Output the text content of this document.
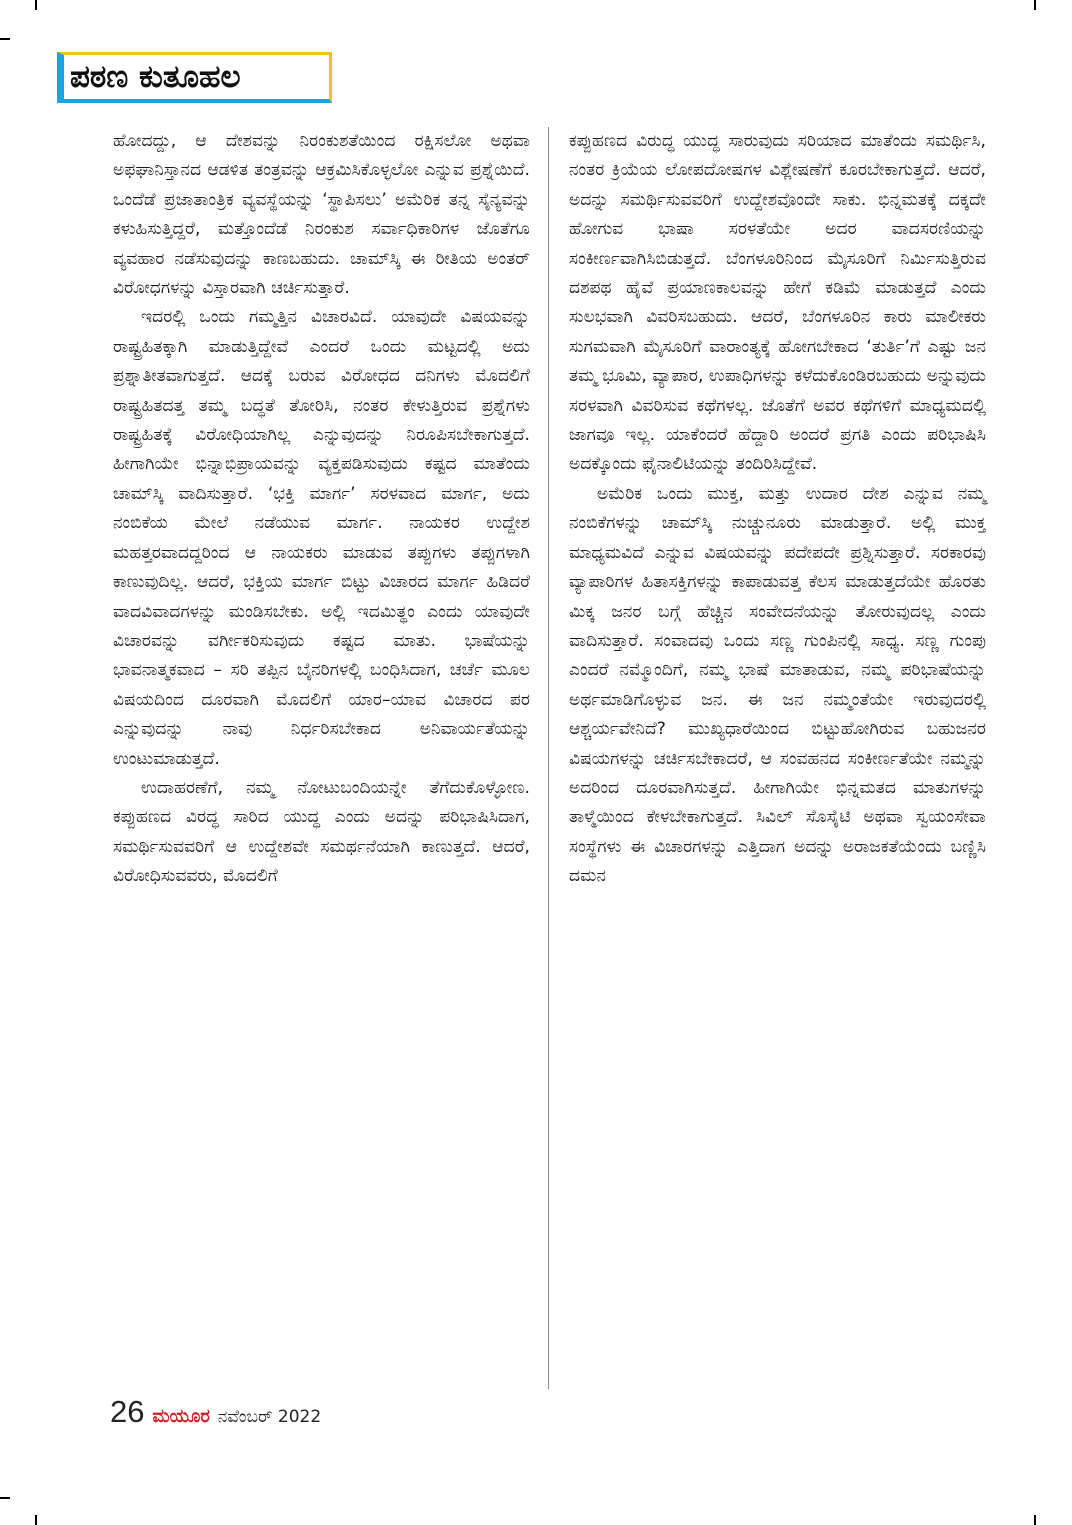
ಪಠಣ ಕುತೂಹಲ

ಹೋದದ್ದು, ಆ ದೇಶವನ್ನು ನಿರಂಕುಶತೆಯಿಂದ ರಕ್ಷಿಸಲೋ ಅಥವಾ ಅಫಘಾನಿಸ್ತಾನದ ಆಡಳಿತ ತಂತ್ರವನ್ನು ಆಕ್ರಮಿಸಿಕೊಳ್ಳಲೋ ಎನ್ನುವ ಪ್ರಶ್ನೆಯಿದೆ. ಒಂದೆಡೆ ಪ್ರಜಾತಾಂತ್ರಿಕ ವ್ಯವಸ್ಥೆಯನ್ನು ‘ಸ್ಥಾಪಿಸಲು’ ಅಮೆರಿಕ ತನ್ನ ಸೈನ್ಯವನ್ನು ಕಳುಹಿಸುತ್ತಿದ್ದರೆ, ಮತ್ತೊಂದೆಡೆ ನಿರಂಕುಶ ಸರ್ವಾಧಿಕಾರಿಗಳ ಜೊತೆಗೂ ವ್ಯವಹಾರ ನಡೆಸುವುದನ್ನು ಕಾಣಬಹುದು. ಚಾಮ್‌ಸ್ಕಿ ಈ ರೀತಿಯ ಅಂತರ್ ವಿರೋಧಗಳನ್ನು ವಿಸ್ತಾರವಾಗಿ ಚರ್ಚಿಸುತ್ತಾರೆ.

ಇದರಲ್ಲಿ ಒಂದು ಗಮ್ಮತ್ತಿನ ವಿಚಾರವಿದೆ. ಯಾವುದೇ ವಿಷಯವನ್ನು ರಾಷ್ಟ್ರಹಿತಕ್ಕಾಗಿ ಮಾಡುತ್ತಿದ್ದೇವೆ ಎಂದರೆ ಒಂದು ಮಟ್ಟದಲ್ಲಿ ಅದು ಪ್ರಶ್ನಾತೀತವಾಗುತ್ತದೆ. ಆದಕ್ಕೆ ಬರುವ ವಿರೋಧದ ದನಿಗಳು ಮೊದಲಿಗೆ ರಾಷ್ಟ್ರಹಿತದತ್ತ ತಮ್ಮ ಬದ್ಧತೆ ತೋರಿಸಿ, ನಂತರ ಕೇಳುತ್ತಿರುವ ಪ್ರಶ್ನೆಗಳು ರಾಷ್ಟ್ರಹಿತಕ್ಕೆ ವಿರೋಧಿಯಾಗಿಲ್ಲ ಎನ್ನುವುದನ್ನು ನಿರೂಪಿಸಬೇಕಾಗುತ್ತದೆ. ಹೀಗಾಗಿಯೇ ಭಿನ್ನಾಭಿಪ್ರಾಯವನ್ನು ವ್ಯಕ್ತಪಡಿಸುವುದು ಕಷ್ಟದ ಮಾತೆಂದು ಚಾಮ್‌ಸ್ಕಿ ವಾದಿಸುತ್ತಾರೆ. ‘ಭಕ್ತಿ ಮಾರ್ಗ’ ಸರಳವಾದ ಮಾರ್ಗ, ಅದು ನಂಬಿಕೆಯ ಮೇಲೆ ನಡೆಯುವ ಮಾರ್ಗ. ನಾಯಕರ ಉದ್ದೇಶ ಮಹತ್ತರವಾದದ್ದರಿಂದ ಆ ನಾಯಕರು ಮಾಡುವ ತಪ್ಪುಗಳು ತಪ್ಪುಗಳಾಗಿ ಕಾಣುವುದಿಲ್ಲ. ಆದರೆ, ಭಕ್ತಿಯ ಮಾರ್ಗ ಬಿಟ್ಟು ವಿಚಾರದ ಮಾರ್ಗ ಹಿಡಿದರೆ ವಾದವಿವಾದಗಳನ್ನು ಮಂಡಿಸಬೇಕು. ಅಲ್ಲಿ ಇದಮಿತ್ಥಂ ಎಂದು ಯಾವುದೇ ವಿಚಾರವನ್ನು ವರ್ಗೀಕರಿಸುವುದು ಕಷ್ಟದ ಮಾತು. ಭಾಷೆಯನ್ನು ಭಾವನಾತ್ಮಕವಾದ – ಸರಿ ತಪ್ಪಿನ ಬೈನರಿಗಳಲ್ಲಿ ಬಂಧಿಸಿದಾಗ, ಚರ್ಚೆ ಮೂಲ ವಿಷಯದಿಂದ ದೂರವಾಗಿ ಮೊದಲಿಗೆ ಯಾರ–ಯಾವ ವಿಚಾರದ ಪರ ಎನ್ನುವುದನ್ನು ನಾವು ನಿರ್ಧರಿಸಬೇಕಾದ ಅನಿವಾರ್ಯತೆಯನ್ನು ಉಂಟುಮಾಡುತ್ತದೆ.

ಉದಾಹರಣೆಗೆ, ನಮ್ಮ ನೋಟುಬಂದಿಯನ್ನೇ ತೆಗೆದುಕೊಳ್ಳೋಣ. ಕಪ್ಪುಹಣದ ವಿರದ್ಧ ಸಾರಿದ ಯುದ್ಧ ಎಂದು ಅದನ್ನು ಪರಿಭಾಷಿಸಿದಾಗ, ಸಮರ್ಥಿಸುವವರಿಗೆ ಆ ಉದ್ದೇಶವೇ ಸಮರ್ಥನೆಯಾಗಿ ಕಾಣುತ್ತದೆ. ಆದರೆ, ವಿರೋಧಿಸುವವರು, ಮೊದಲಿಗೆ

ಕಪ್ಪುಹಣದ ವಿರುದ್ಧ ಯುದ್ಧ ಸಾರುವುದು ಸರಿಯಾದ ಮಾತೆಂದು ಸಮರ್ಥಿಸಿ, ನಂತರ ಕ್ರಿಯೆಯ ಲೋಪದೋಷಗಳ ವಿಶ್ಲೇಷಣೆಗೆ ಕೂರಬೇಕಾಗುತ್ತದೆ. ಆದರೆ, ಅದನ್ನು ಸಮರ್ಥಿಸುವವರಿಗೆ ಉದ್ದೇಶವೊಂದೇ ಸಾಕು. ಭಿನ್ನಮತಕ್ಕೆ ದಕ್ಕದೇ ಹೋಗುವ ಭಾಷಾ ಸರಳತೆಯೇ ಅದರ ವಾದಸರಣಿಯನ್ನು ಸಂಕೀರ್ಣವಾಗಿಸಿಬಿಡುತ್ತದೆ. ಬೆಂಗಳೂರಿನಿಂದ ಮೈಸೂರಿಗೆ ನಿರ್ಮಿಸುತ್ತಿರುವ ದಶಪಥ ಹೈವೆ ಪ್ರಯಾಣಕಾಲವನ್ನು ಹೇಗೆ ಕಡಿಮೆ ಮಾಡುತ್ತದೆ ಎಂದು ಸುಲಭವಾಗಿ ವಿವರಿಸಬಹುದು. ಆದರೆ, ಬೆಂಗಳೂರಿನ ಕಾರು ಮಾಲೀಕರು ಸುಗಮವಾಗಿ ಮೈಸೂರಿಗೆ ವಾರಾಂತ್ಯಕ್ಕೆ ಹೋಗಬೇಕಾದ ‘ತುರ್ತಿ’ಗೆ ಎಷ್ಟು ಜನ ತಮ್ಮ ಭೂಮಿ, ವ್ಯಾಪಾರ, ಉಪಾಧಿಗಳನ್ನು ಕಳೆದುಕೊಂಡಿರಬಹುದು ಅನ್ನುವುದು ಸರಳವಾಗಿ ವಿವರಿಸುವ ಕಥೆಗಳಲ್ಲ. ಜೊತೆಗೆ ಅವರ ಕಥೆಗಳಿಗೆ ಮಾಧ್ಯಮದಲ್ಲಿ ಜಾಗವೂ ಇಲ್ಲ. ಯಾಕೆಂದರೆ ಹೆದ್ದಾರಿ ಅಂದರೆ ಪ್ರಗತಿ ಎಂದು ಪರಿಭಾಷಿಸಿ ಅದಕ್ಕೊಂದು ಫೈನಾಲಿಟಿಯನ್ನು ತಂದಿರಿಸಿದ್ದೇವೆ.

ಅಮೆರಿಕ ಒಂದು ಮುಕ್ತ, ಮತ್ತು ಉದಾರ ದೇಶ ಎನ್ನುವ ನಮ್ಮ ನಂಬಿಕೆಗಳನ್ನು ಚಾಮ್‌ಸ್ಕಿ ನುಚ್ಚುನೂರು ಮಾಡುತ್ತಾರೆ. ಅಲ್ಲಿ ಮುಕ್ತ ಮಾಧ್ಯಮವಿದೆ ಎನ್ನುವ ವಿಷಯವನ್ನು ಪದೇಪದೇ ಪ್ರಶ್ನಿಸುತ್ತಾರೆ. ಸರಕಾರವು ವ್ಯಾಪಾರಿಗಳ ಹಿತಾಸಕ್ತಿಗಳನ್ನು ಕಾಪಾಡುವತ್ತ ಕೆಲಸ ಮಾಡುತ್ತದೆಯೇ ಹೊರತು ಮಿಕ್ಕ ಜನರ ಬಗ್ಗೆ ಹೆಚ್ಚಿನ ಸಂವೇದನೆಯನ್ನು ತೋರುವುದಲ್ಲ ಎಂದು ವಾದಿಸುತ್ತಾರೆ. ಸಂವಾದವು ಒಂದು ಸಣ್ಣ ಗುಂಪಿನಲ್ಲಿ ಸಾಧ್ಯ. ಸಣ್ಣ ಗುಂಪು ಎಂದರೆ ನಮ್ಮೊಂದಿಗೆ, ನಮ್ಮ ಭಾಷೆ ಮಾತಾಡುವ, ನಮ್ಮ ಪರಿಭಾಷೆಯನ್ನು ಅರ್ಥಮಾಡಿಗೊಳ್ಳುವ ಜನ. ಈ ಜನ ನಮ್ಮಂತೆಯೇ ಇರುವುದರಲ್ಲಿ ಆಶ್ಚರ್ಯವೇನಿದೆ? ಮುಖ್ಯಧಾರೆಯಿಂದ ಬಿಟ್ಟುಹೋಗಿರುವ ಬಹುಜನರ ವಿಷಯಗಳನ್ನು ಚರ್ಚಿಸಬೇಕಾದರೆ, ಆ ಸಂವಹನದ ಸಂಕೀರ್ಣತೆಯೇ ನಮ್ಮನ್ನು ಅದರಿಂದ ದೂರವಾಗಿಸುತ್ತದೆ. ಹೀಗಾಗಿಯೇ ಭಿನ್ನಮತದ ಮಾತುಗಳನ್ನು ತಾಳ್ಮೆಯಿಂದ ಕೇಳಬೇಕಾಗುತ್ತದೆ. ಸಿವಿಲ್ ಸೊಸೈಟಿ ಅಥವಾ ಸ್ವಯಂಸೇವಾ ಸಂಸ್ಥೆಗಳು ಈ ವಿಚಾರಗಳನ್ನು ಎತ್ತಿದಾಗ ಅದನ್ನು ಅರಾಜಕತೆಯೆಂದು ಬಣ್ಣಿಸಿ ದಮನ

26 ಮಯೂರ ನವೆಂಬರ್ 2022
